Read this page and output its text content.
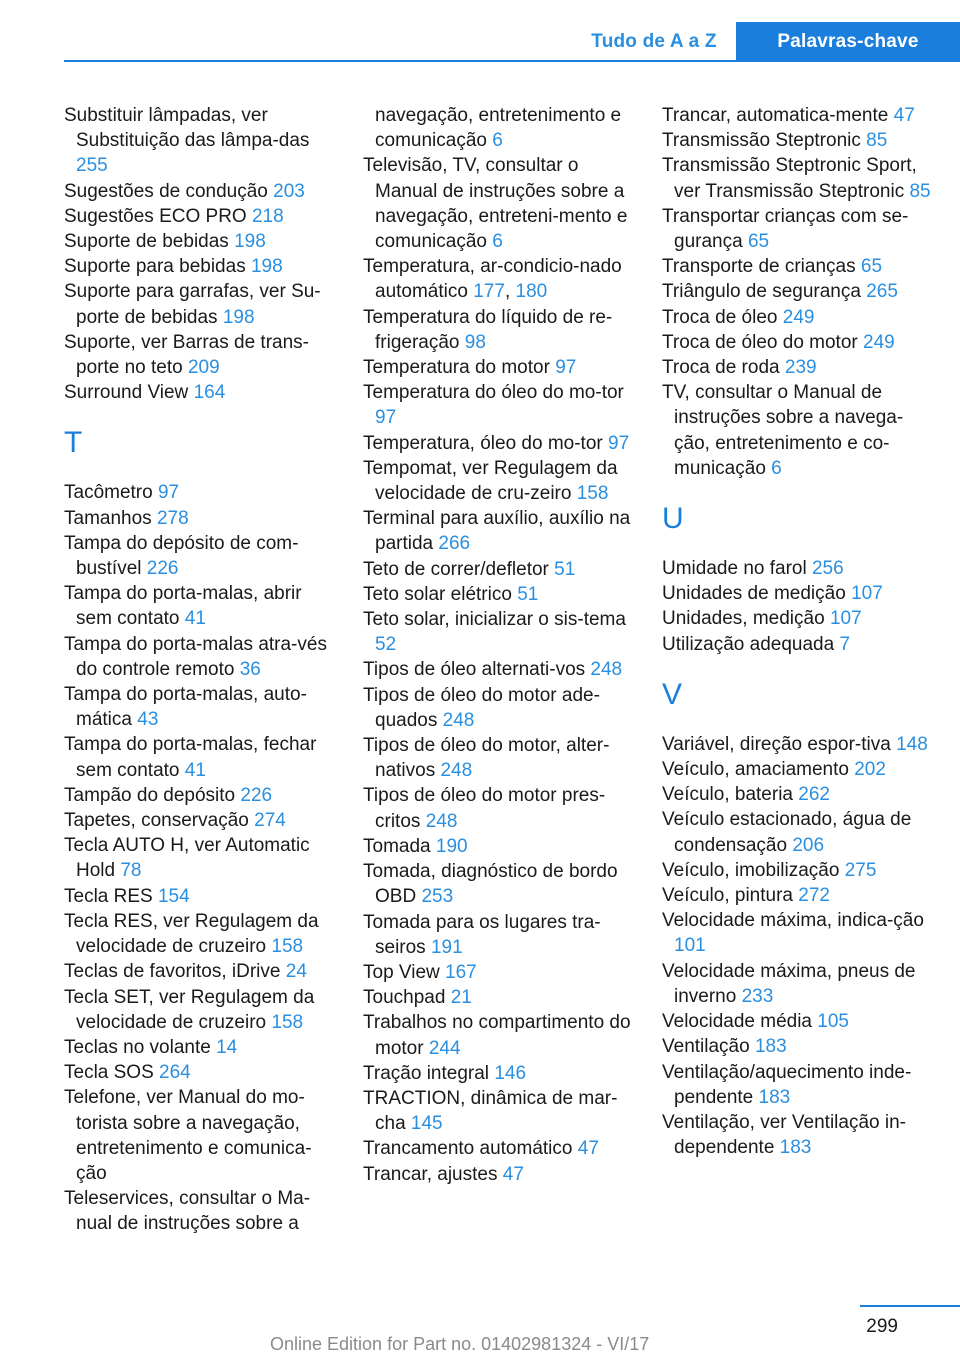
Tudo de A a Z	Palavras-chave

Substituir lâmpadas, ver Substituição das lâmpa-das 255

Sugestões de condução 203

Sugestões ECO PRO 218

Suporte de bebidas 198

Suporte para bebidas 198

Suporte para garrafas, ver Su-porte de bebidas 198

Suporte, ver Barras de trans-porte no teto 209

Surround View 164

T

Tacômetro 97

Tamanhos 278

Tampa do depósito de com-bustível 226

Tampa do porta-malas, abrir sem contato 41

Tampa do porta-malas atra-vés do controle remoto 36

Tampa do porta-malas, auto-mática 43

Tampa do porta-malas, fechar sem contato 41

Tampão do depósito 226

Tapetes, conservação 274

Tecla AUTO H, ver Automatic Hold 78

Tecla RES 154

Tecla RES, ver Regulagem da velocidade de cruzeiro 158

Teclas de favoritos, iDrive 24

Tecla SET, ver Regulagem da velocidade de cruzeiro 158

Teclas no volante 14

Tecla SOS 264

Telefone, ver Manual do mo-torista sobre a navegação, entretenimento e comunica-ção

Teleservices, consultar o Ma-nual de instruções sobre a

navegação, entretenimento e comunicação 6

Televisão, TV, consultar o Manual de instruções sobre a navegação, entreteni-mento e comunicação 6

Temperatura, ar-condicio-nado automático 177, 180

Temperatura do líquido de re-frigeração 98

Temperatura do motor 97

Temperatura do óleo do mo-tor 97

Temperatura, óleo do mo-tor 97

Tempomat, ver Regulagem da velocidade de cru-zeiro 158

Terminal para auxílio, auxílio na partida 266

Teto de correr/defletor 51

Teto solar elétrico 51

Teto solar, inicializar o sis-tema 52

Tipos de óleo alternati-vos 248

Tipos de óleo do motor ade-quados 248

Tipos de óleo do motor, alter-nativos 248

Tipos de óleo do motor pres-critos 248

Tomada 190

Tomada, diagnóstico de bordo OBD 253

Tomada para os lugares tra-seiros 191

Top View 167

Touchpad 21

Trabalhos no compartimento do motor 244

Tração integral 146

TRACTION, dinâmica de mar-cha 145

Trancamento automático 47

Trancar, ajustes 47

Trancar, automatica-mente 47

Transmissão Steptronic 85

Transmissão Steptronic Sport, ver Transmissão Steptronic 85

Transportar crianças com se-gurança 65

Transporte de crianças 65

Triângulo de segurança 265

Troca de óleo 249

Troca de óleo do motor 249

Troca de roda 239

TV, consultar o Manual de instruções sobre a navega-ção, entretenimento e co-municação 6

U

Umidade no farol 256

Unidades de medição 107

Unidades, medição 107

Utilização adequada 7

V

Variável, direção espor-tiva 148

Veículo, amaciamento 202

Veículo, bateria 262

Veículo estacionado, água de condensação 206

Veículo, imobilização 275

Veículo, pintura 272

Velocidade máxima, indica-ção 101

Velocidade máxima, pneus de inverno 233

Velocidade média 105

Ventilação 183

Ventilação/aquecimento inde-pendente 183

Ventilação, ver Ventilação in-dependente 183

299
Online Edition for Part no. 01402981324 - VI/17
